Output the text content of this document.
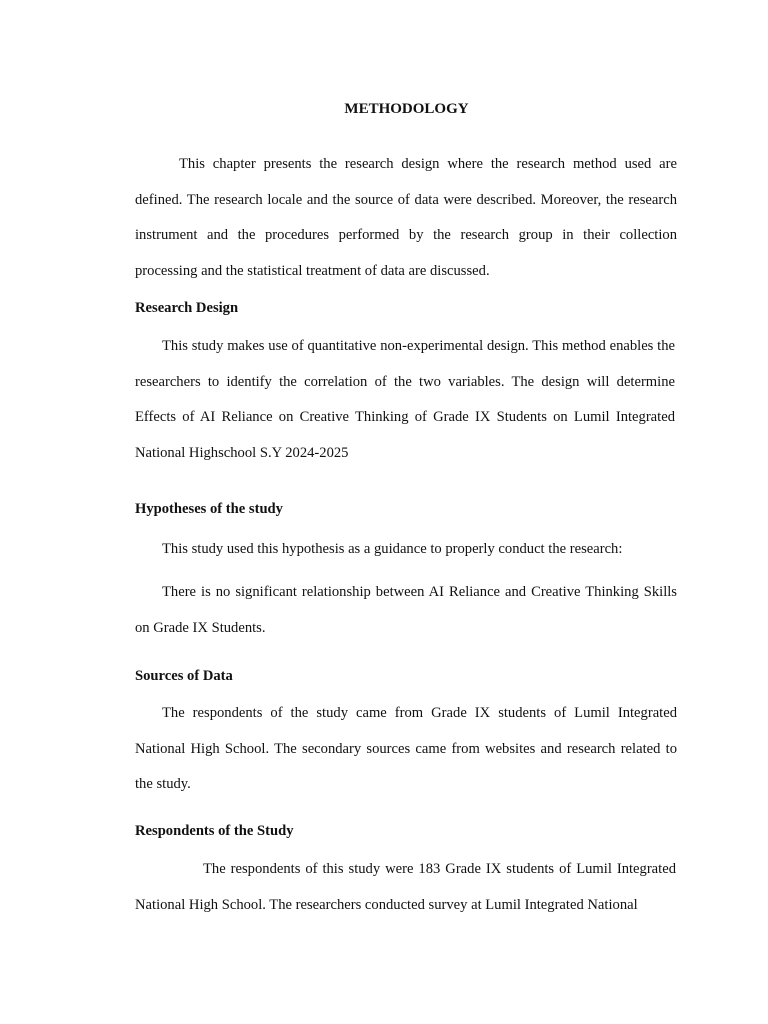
METHODOLOGY

This chapter presents the research design where the research method used are defined. The research locale and the source of data were described. Moreover, the research instrument and the procedures performed by the research group in their collection processing and the statistical treatment of data are discussed.

Research Design

This study makes use of quantitative non-experimental design. This method enables the researchers to identify the correlation of the two variables. The design will determine Effects of AI Reliance on Creative Thinking of Grade IX Students on Lumil Integrated National Highschool S.Y 2024-2025

Hypotheses of the study

This study used this hypothesis as a guidance to properly conduct the research:

There is no significant relationship between AI Reliance and Creative Thinking Skills on Grade IX Students.

Sources of Data

The respondents of the study came from Grade IX students of Lumil Integrated National High School. The secondary sources came from websites and research related to the study.

Respondents of the Study

The respondents of this study were 183 Grade IX students of Lumil Integrated National High School. The researchers conducted survey at Lumil Integrated National
